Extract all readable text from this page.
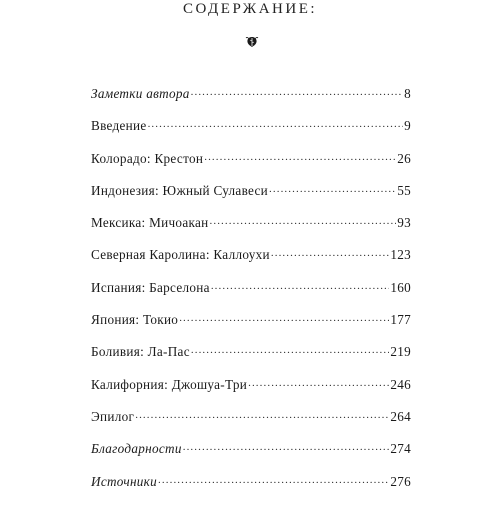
СОДЕРЖАНИЕ:
Заметки автора .....	8
Введение .....	9
Колорадо: Крестон .....	26
Индонезия: Южный Сулавеси .....	55
Мексика: Мичоакан .....	93
Северная Каролина: Каллоухи .....	123
Испания: Барселона .....	160
Япония: Токио .....	177
Боливия: Ла-Пас .....	219
Калифорния: Джошуа-Три .....	246
Эпилог .....	264
Благодарности .....	274
Источники .....	276
